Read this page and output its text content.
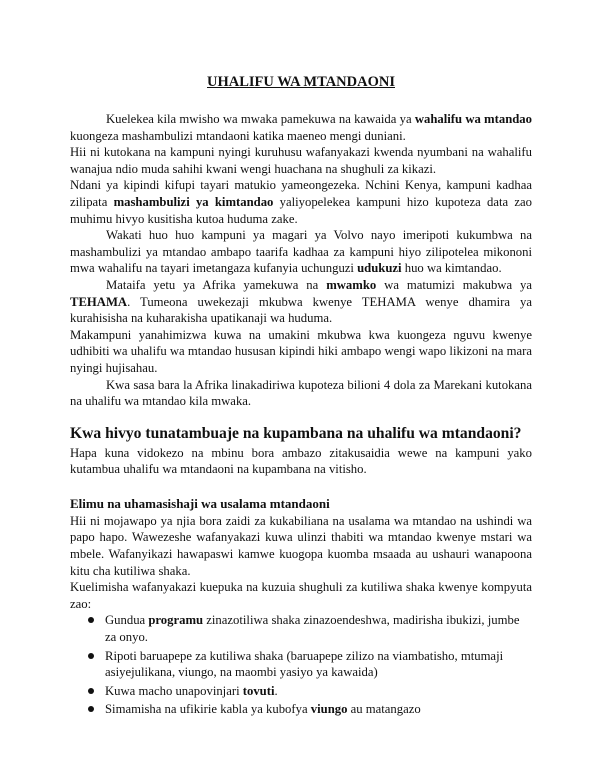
UHALIFU WA MTANDAONI

Kuelekea kila mwisho wa mwaka pamekuwa na kawaida ya wahalifu wa mtandao kuongeza mashambulizi mtandaoni katika maeneo mengi duniani.

Hii ni kutokana na kampuni nyingi kuruhusu wafanyakazi kwenda nyumbani na wahalifu wanajua ndio muda sahihi kwani wengi huachana na shughuli za kikazi.

Ndani ya kipindi kifupi tayari matukio yameongezeka. Nchini Kenya, kampuni kadhaa zilipata mashambulizi ya kimtandao yaliyopelekea kampuni hizo kupoteza data zao muhimu hivyo kusitisha kutoa huduma zake.

Wakati huo huo kampuni ya magari ya Volvo nayo imeripoti kukumbwa na mashambulizi ya mtandao ambapo taarifa kadhaa za kampuni hiyo zilipotelea mikononi mwa wahalifu na tayari imetangaza kufanyia uchunguzi udukuzi huo wa kimtandao.

Mataifa yetu ya Afrika yamekuwa na mwamko wa matumizi makubwa ya TEHAMA. Tumeona uwekezaji mkubwa kwenye TEHAMA wenye dhamira ya kurahisisha na kuharakisha upatikanaji wa huduma.

Makampuni yanahimizwa kuwa na umakini mkubwa kwa kuongeza nguvu kwenye udhibiti wa uhalifu wa mtandao hususan kipindi hiki ambapo wengi wapo likizoni na mara nyingi hujisahau.

Kwa sasa bara la Afrika linakadiriwa kupoteza bilioni 4 dola za Marekani kutokana na uhalifu wa mtandao kila mwaka.

Kwa hivyo tunatambuaje na kupambana na uhalifu wa mtandaoni?

Hapa kuna vidokezo na mbinu bora ambazo zitakusaidia wewe na kampuni yako kutambua uhalifu wa mtandaoni na kupambana na vitisho.

Elimu na uhamasishaji wa usalama mtandaoni

Hii ni mojawapo ya njia bora zaidi za kukabiliana na usalama wa mtandao na ushindi wa papo hapo. Wawezeshe wafanyakazi kuwa ulinzi thabiti wa mtandao kwenye mstari wa mbele. Wafanyikazi hawapaswi kamwe kuogopa kuomba msaada au ushauri wanapoona kitu cha kutiliwa shaka.

Kuelimisha wafanyakazi kuepuka na kuzuia shughuli za kutiliwa shaka kwenye kompyuta zao:

Gundua programu zinazotiliwa shaka zinazoendeshwa, madirisha ibukizi, jumbe za onyo.
Ripoti baruapepe za kutiliwa shaka (baruapepe zilizo na viambatisho, mtumaji asiyejulikana, viungo, na maombi yasiyo ya kawaida)
Kuwa macho unapovinjari tovuti.
Simamisha na ufikirie kabla ya kubofya viungo au matangazo
